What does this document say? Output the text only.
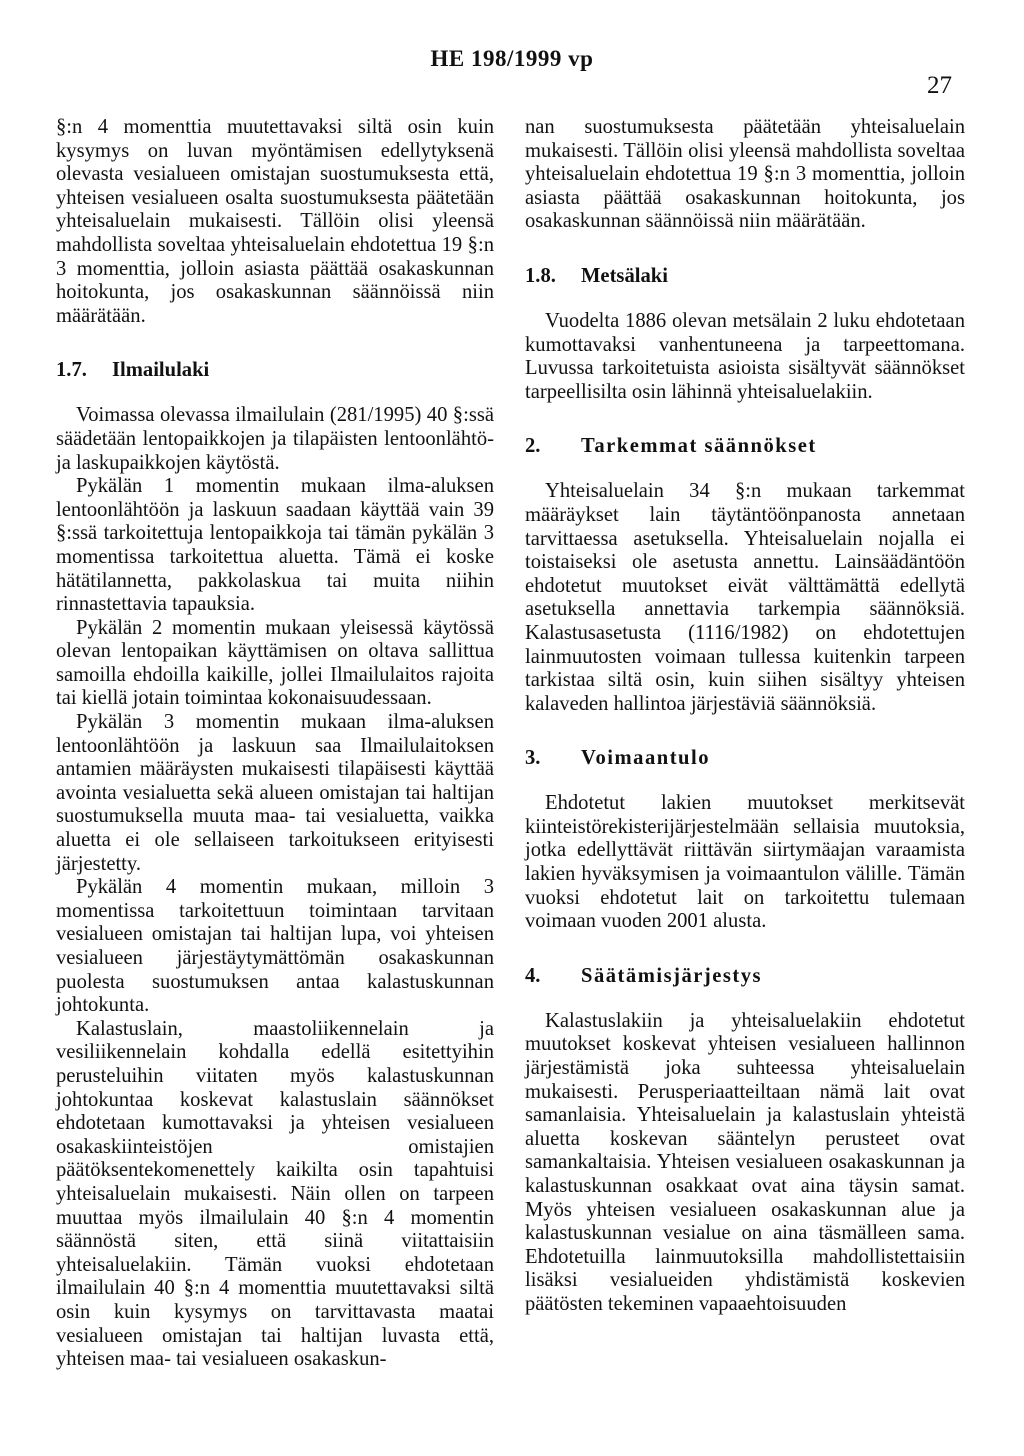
HE 198/1999 vp
27

§:n 4 momenttia muutettavaksi siltä osin kuin kysymys on luvan myöntämisen edellytyksenä olevasta vesialueen omistajan suostumuksesta että, yhteisen vesialueen osalta suostumuksesta päätetään yhteisaluelain mukaisesti. Tällöin olisi yleensä mahdollista soveltaa yhteisaluelain ehdotettua 19 §:n 3 momenttia, jolloin asiasta päättää osakaskunnan hoitokunta, jos osakaskunnan säännöissä niin määrätään.

1.7.	Ilmailulaki

Voimassa olevassa ilmailulain (281/1995) 40 §:ssä säädetään lentopaikkojen ja tilapäisten lentoonlähtö- ja laskupaikkojen käytöstä.

Pykälän 1 momentin mukaan ilma-aluksen lentoonlähtöön ja laskuun saadaan käyttää vain 39 §:ssä tarkoitettuja lentopaikkoja tai tämän pykälän 3 momentissa tarkoitettua aluetta. Tämä ei koske hätätilannetta, pakkolaskua tai muita niihin rinnastettavia tapauksia.

Pykälän 2 momentin mukaan yleisessä käytössä olevan lentopaikan käyttämisen on oltava sallittua samoilla ehdoilla kaikille, jollei Ilmailulaitos rajoita tai kiellä jotain toimintaa kokonaisuudessaan.

Pykälän 3 momentin mukaan ilma-aluksen lentoonlähtöön ja laskuun saa Ilmailulaitoksen antamien määräysten mukaisesti tilapäisesti käyttää avointa vesialuetta sekä alueen omistajan tai haltijan suostumuksella muuta maa- tai vesialuetta, vaikka aluetta ei ole sellaiseen tarkoitukseen erityisesti järjestetty.

Pykälän 4 momentin mukaan, milloin 3 momentissa tarkoitettuun toimintaan tarvitaan vesialueen omistajan tai haltijan lupa, voi yhteisen vesialueen järjestäytymättömän osakaskunnan puolesta suostumuksen antaa kalastuskunnan johtokunta.

Kalastuslain, maastoliikennelain ja vesiliikennelain kohdalla edellä esitettyihin perusteluihin viitaten myös kalastuskunnan johtokuntaa koskevat kalastuslain säännökset ehdotetaan kumottavaksi ja yhteisen vesialueen osakaskiinteistöjen omistajien päätöksentekomenettely kaikilta osin tapahtuisi yhteisaluelain mukaisesti. Näin ollen on tarpeen muuttaa myös ilmailulain 40 §:n 4 momentin säännöstä siten, että siinä viitattaisiin yhteisaluelakiin. Tämän vuoksi ehdotetaan ilmailulain 40 §:n 4 momenttia muutettavaksi siltä osin kuin kysymys on tarvittavasta maatai vesialueen omistajan tai haltijan luvasta että, yhteisen maa- tai vesialueen osakaskun-

nan suostumuksesta päätetään yhteisaluelain mukaisesti. Tällöin olisi yleensä mahdollista soveltaa yhteisaluelain ehdotettua 19 §:n 3 momenttia, jolloin asiasta päättää osakaskunnan hoitokunta, jos osakaskunnan säännöissä niin määrätään.

1.8.	Metsälaki

Vuodelta 1886 olevan metsälain 2 luku ehdotetaan kumottavaksi vanhentuneena ja tarpeettomana. Luvussa tarkoitetuista asioista sisältyvät säännökset tarpeellisilta osin lähinnä yhteisaluelakiin.

2.	Tarkemmat säännökset

Yhteisaluelain 34 §:n mukaan tarkemmat määräykset lain täytäntöönpanosta annetaan tarvittaessa asetuksella. Yhteisaluelain nojalla ei toistaiseksi ole asetusta annettu. Lainsäädäntöön ehdotetut muutokset eivät välttämättä edellytä asetuksella annettavia tarkempia säännöksiä. Kalastusasetusta (1116/1982) on ehdotettujen lainmuutosten voimaan tullessa kuitenkin tarpeen tarkistaa siltä osin, kuin siihen sisältyy yhteisen kalaveden hallintoa järjestäviä säännöksiä.

3.	Voimaantulo

Ehdotetut lakien muutokset merkitsevät kiinteistörekisterijärjestelmään sellaisia muutoksia, jotka edellyttävät riittävän siirtymäajan varaamista lakien hyväksymisen ja voimaantulon välille. Tämän vuoksi ehdotetut lait on tarkoitettu tulemaan voimaan vuoden 2001 alusta.

4.	Säätämisjärjestys

Kalastuslakiin ja yhteisaluelakiin ehdotetut muutokset koskevat yhteisen vesialueen hallinnon järjestämistä joka suhteessa yhteisaluelain mukaisesti. Perusperiaatteiltaan nämä lait ovat samanlaisia. Yhteisaluelain ja kalastuslain yhteistä aluetta koskevan sääntelyn perusteet ovat samankaltaisia. Yhteisen vesialueen osakaskunnan ja kalastuskunnan osakkaat ovat aina täysin samat. Myös yhteisen vesialueen osakaskunnan alue ja kalastuskunnan vesialue on aina täsmälleen sama. Ehdotetuilla lainmuutoksilla mahdollistettaisiin lisäksi vesialueiden yhdistämistä koskevien päätösten tekeminen vapaaehtoisuuden
